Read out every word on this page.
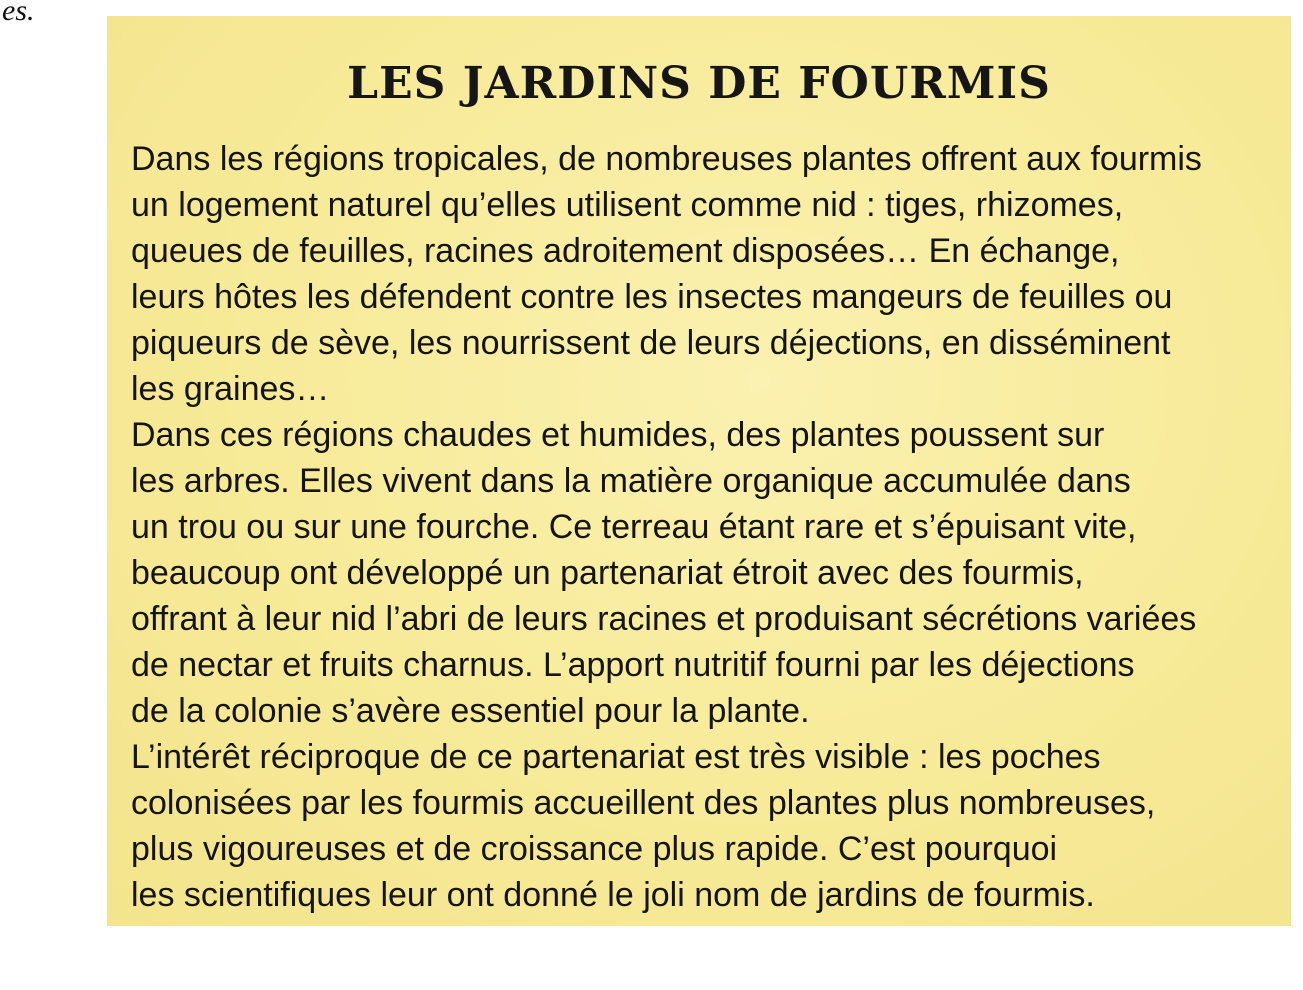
es.
LES JARDINS DE FOURMIS
Dans les régions tropicales, de nombreuses plantes offrent aux fourmis
un logement naturel qu’elles utilisent comme nid : tiges, rhizomes,
queues de feuilles, racines adroitement disposées… En échange,
leurs hôtes les défendent contre les insectes mangeurs de feuilles ou
piqueurs de sève, les nourrissent de leurs déjections, en disséminent
les graines…
Dans ces régions chaudes et humides, des plantes poussent sur
les arbres. Elles vivent dans la matière organique accumulée dans
un trou ou sur une fourche. Ce terreau étant rare et s’épuisant vite,
beaucoup ont développé un partenariat étroit avec des fourmis,
offrant à leur nid l’abri de leurs racines et produisant sécrétions variées
de nectar et fruits charnus. L’apport nutritif fourni par les déjections
de la colonie s’avère essentiel pour la plante.
L’intérêt réciproque de ce partenariat est très visible : les poches
colonisées par les fourmis accueillent des plantes plus nombreuses,
plus vigoureuses et de croissance plus rapide. C’est pourquoi
les scientifiques leur ont donné le joli nom de jardins de fourmis.
